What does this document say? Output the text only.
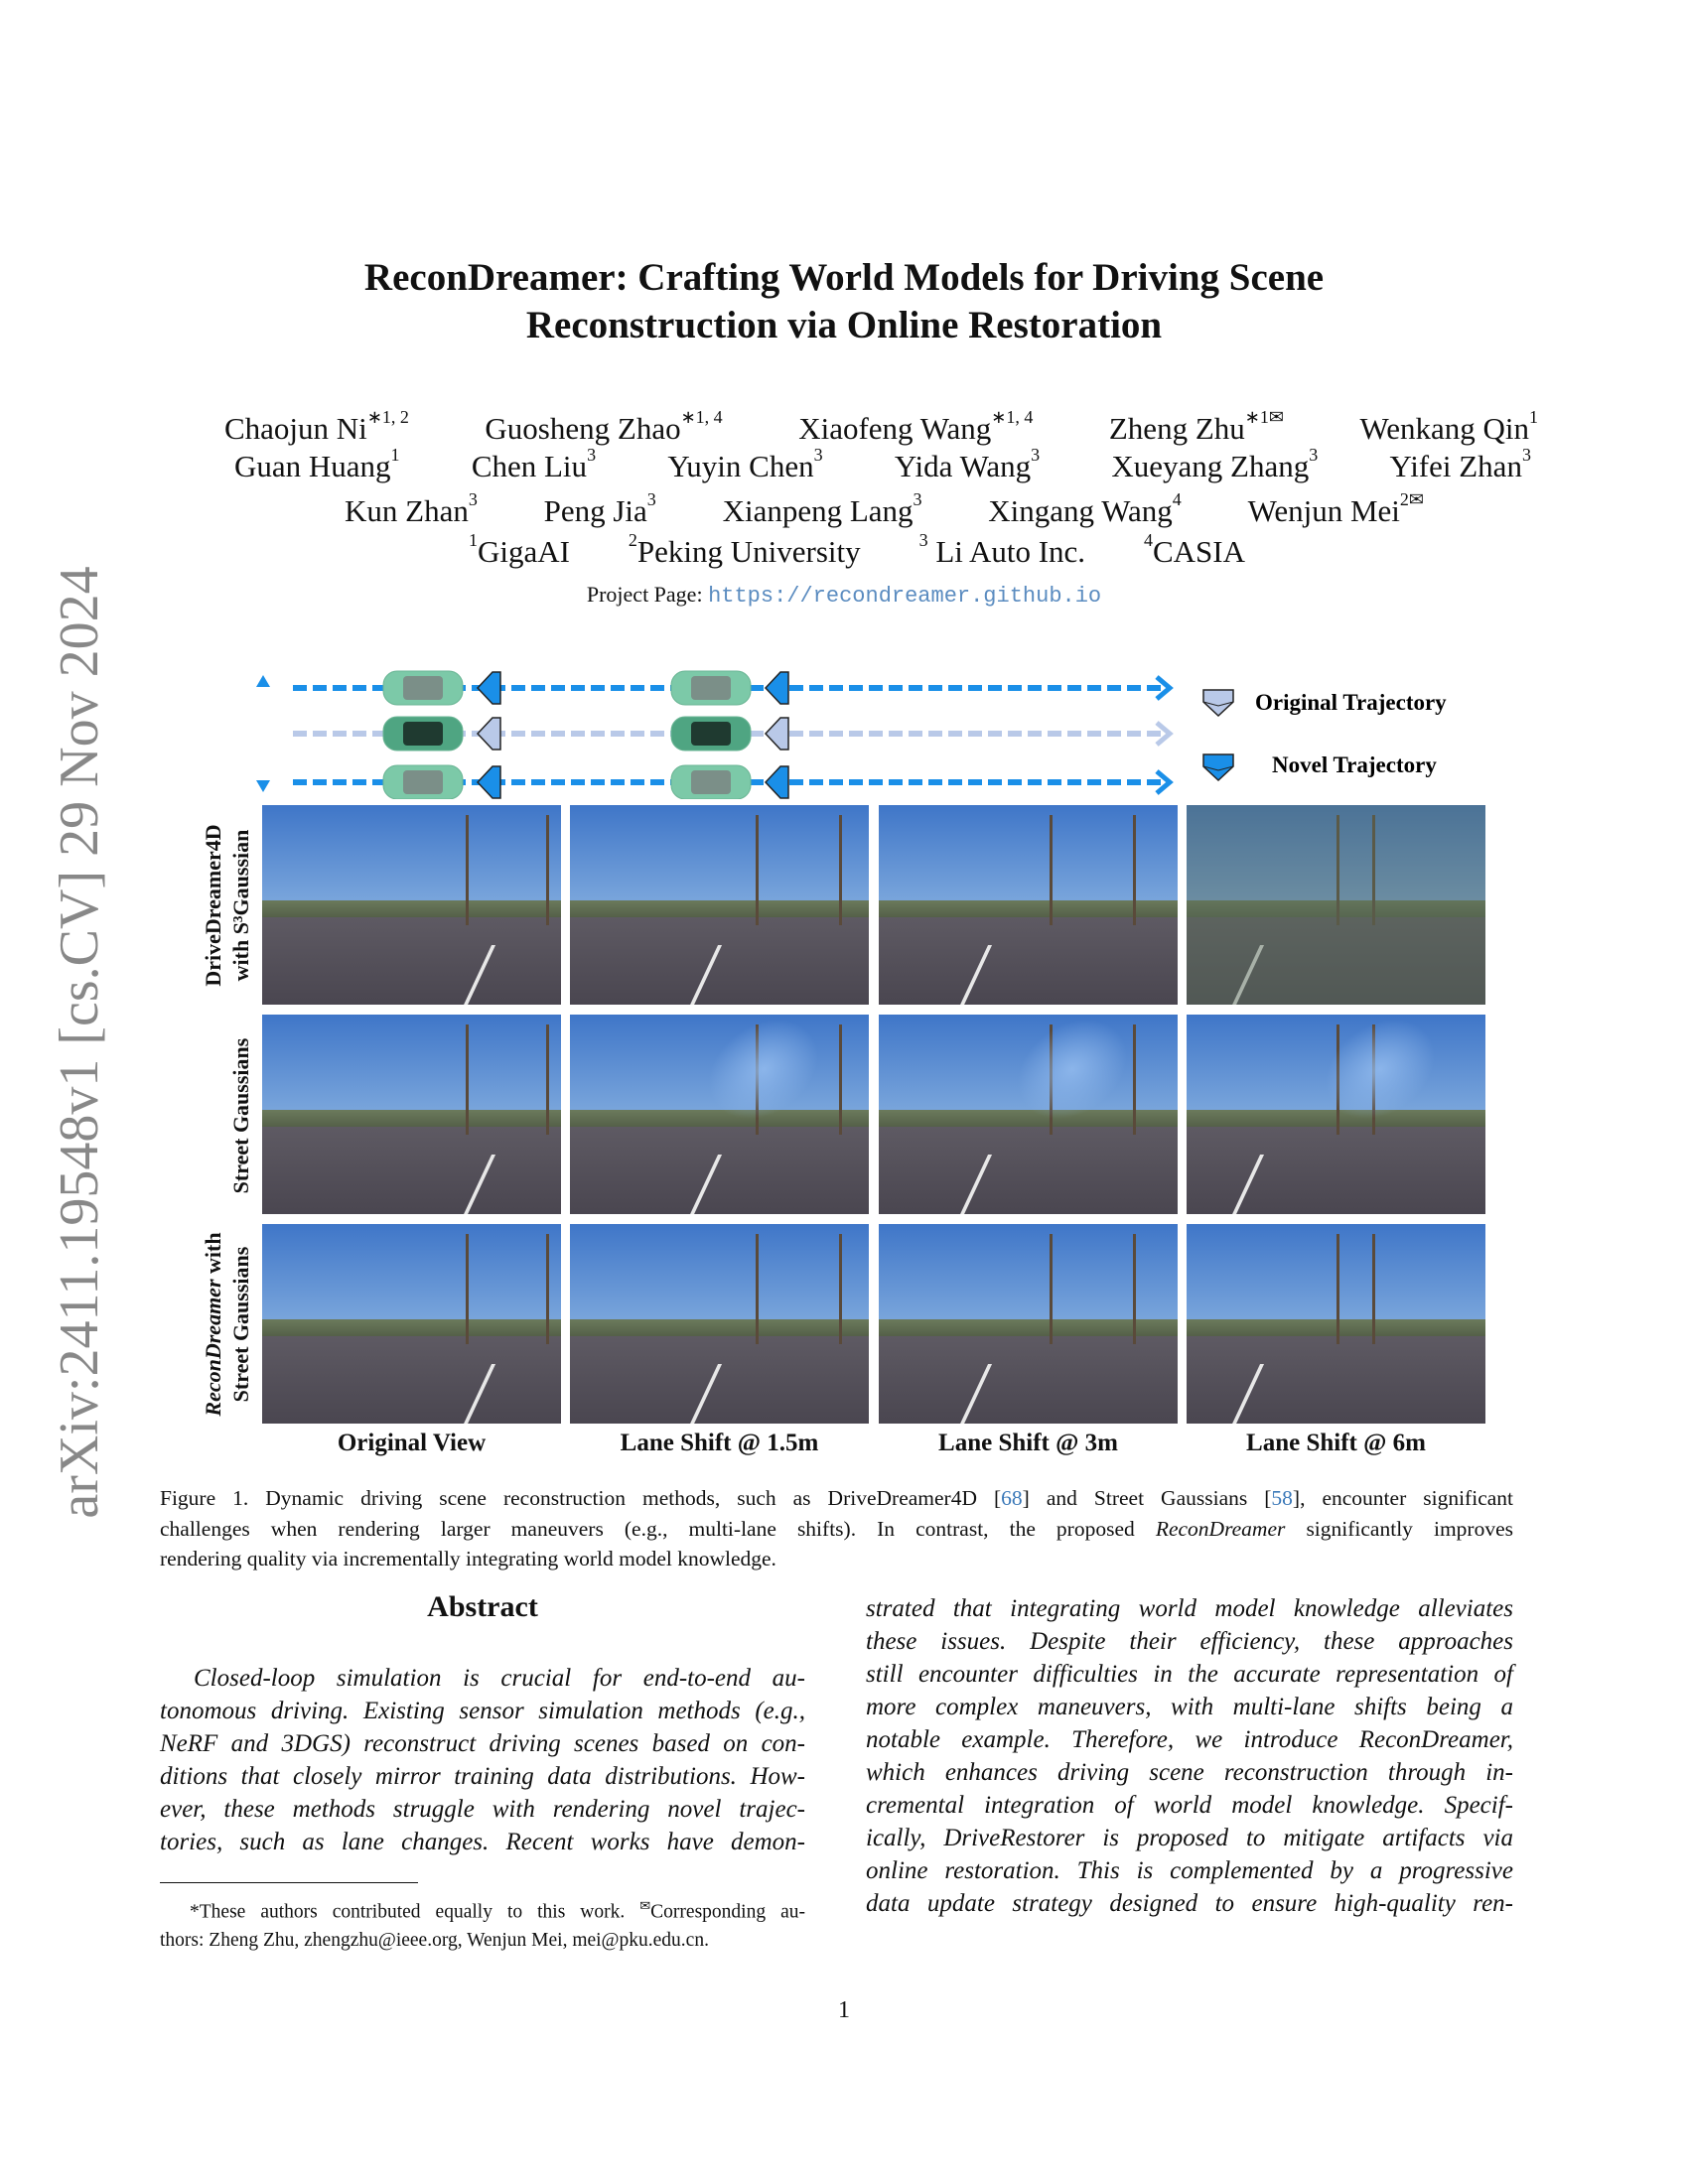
arXiv:2411.19548v1 [cs.CV] 29 Nov 2024
ReconDreamer: Crafting World Models for Driving Scene
Reconstruction via Online Restoration
Chaojun $Ni^{∗1, 2}$ Guosheng Zhao$^{∗1, 4}$ Xiaofeng Wang$^{∗1, 4}$ Zheng Zhu$^{∗1✉}$ Wenkang Qin$^1$
Guan Huang$^1$ Chen Liu$^3$ Yuyin Chen$^3$ Yida Wang$^3$ Xueyang Zhang$^3$ Yifei Zhan$^3$
Kun Zhan$^3$ Peng Jia$^3$ Xianpeng Lang$^3$ Xingang Wang$^4$ Wenjun Mei$^{2✉}$
$^1$GigaAI	$^2$Peking University	$^3$ Li Auto Inc.	$^4$CASIA
Project Page: https://recondreamer.github.io
Original Trajectory
Novel Trajectory
DriveDreamer4D with S³Gaussian
Street Gaussians
ReconDreamer with Street Gaussians
Original View	Lane Shift @ 1.5m	Lane Shift @ 3m	Lane Shift @ 6m
Figure 1. Dynamic driving scene reconstruction methods, such as DriveDreamer4D [68] and Street Gaussians [58], encounter significant
challenges when rendering larger maneuvers (e.g., multi-lane shifts). In contrast, the proposed ReconDreamer significantly improves
rendering quality via incrementally integrating world model knowledge.
Abstract
Closed-loop simulation is crucial for end-to-end au-
tonomous driving. Existing sensor simulation methods (e.g.,
NeRF and 3DGS) reconstruct driving scenes based on con-
ditions that closely mirror training data distributions. How-
ever, these methods struggle with rendering novel trajec-
tories, such as lane changes. Recent works have demon-
strated that integrating world model knowledge alleviates
these issues. Despite their efficiency, these approaches
still encounter difficulties in the accurate representation of
more complex maneuvers, with multi-lane shifts being a
notable example. Therefore, we introduce ReconDreamer,
which enhances driving scene reconstruction through in-
cremental integration of world model knowledge. Specif-
ically, DriveRestorer is proposed to mitigate artifacts via
online restoration. This is complemented by a progressive
data update strategy designed to ensure high-quality ren-
*These authors contributed equally to this work. ✉Corresponding au-
thors: Zheng Zhu, zhengzhu@ieee.org, Wenjun Mei, mei@pku.edu.cn.
1
